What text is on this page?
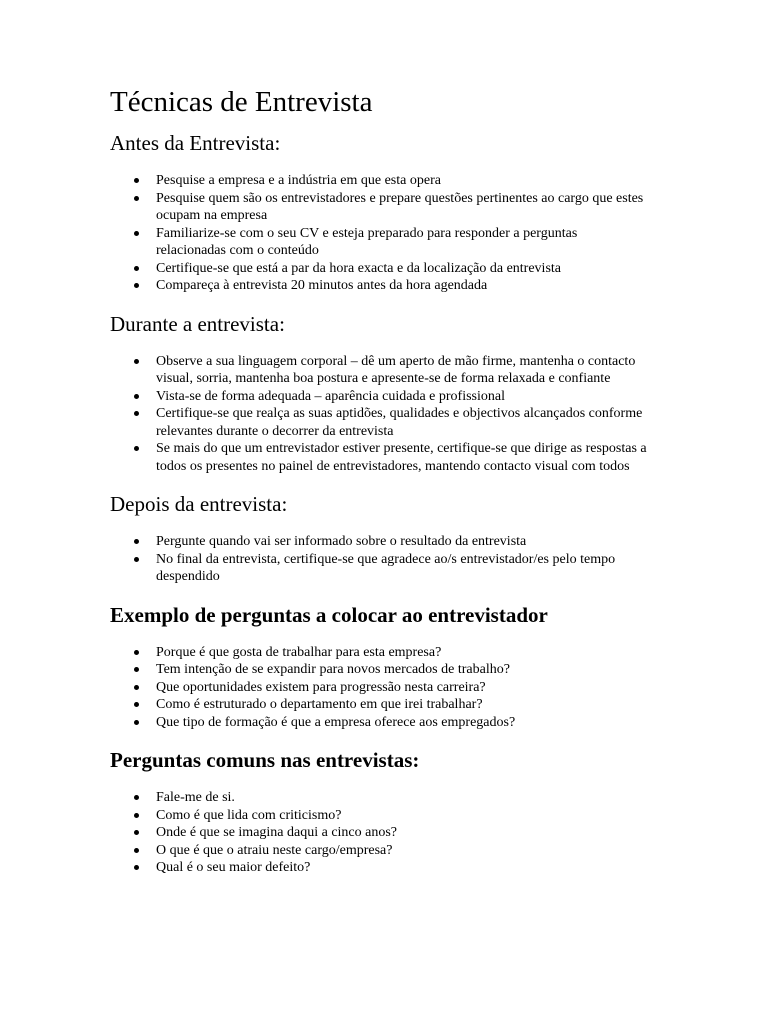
Técnicas de Entrevista
Antes da Entrevista:
Pesquise a empresa e a indústria em que esta opera
Pesquise quem são os entrevistadores e prepare questões pertinentes ao cargo que estes ocupam na empresa
Familiarize-se com o seu CV e esteja preparado para responder a perguntas relacionadas com o conteúdo
Certifique-se que está a par da hora exacta e da localização da entrevista
Compareça à entrevista 20 minutos antes da hora agendada
Durante a entrevista:
Observe a sua linguagem corporal – dê um aperto de mão firme, mantenha o contacto visual, sorria, mantenha boa postura e apresente-se de forma relaxada e confiante
Vista-se de forma adequada – aparência cuidada e profissional
Certifique-se que realça as suas aptidões, qualidades e objectivos alcançados conforme relevantes durante o decorrer da entrevista
Se mais do que um entrevistador estiver presente, certifique-se que dirige as respostas a todos os presentes no painel de entrevistadores, mantendo contacto visual com todos
Depois da entrevista:
Pergunte quando vai ser informado sobre o resultado da entrevista
No final da entrevista, certifique-se que agradece ao/s entrevistador/es pelo tempo despendido
Exemplo de perguntas a colocar ao entrevistador
Porque é que gosta de trabalhar para esta empresa?
Tem intenção de se expandir para novos mercados de trabalho?
Que oportunidades existem para progressão nesta carreira?
Como é estruturado o departamento em que irei trabalhar?
Que tipo de formação é que a empresa oferece aos empregados?
Perguntas comuns nas entrevistas:
Fale-me de si.
Como é que lida com criticismo?
Onde é que se imagina daqui a cinco anos?
O que é que o atraiu neste cargo/empresa?
Qual é o seu maior defeito?
